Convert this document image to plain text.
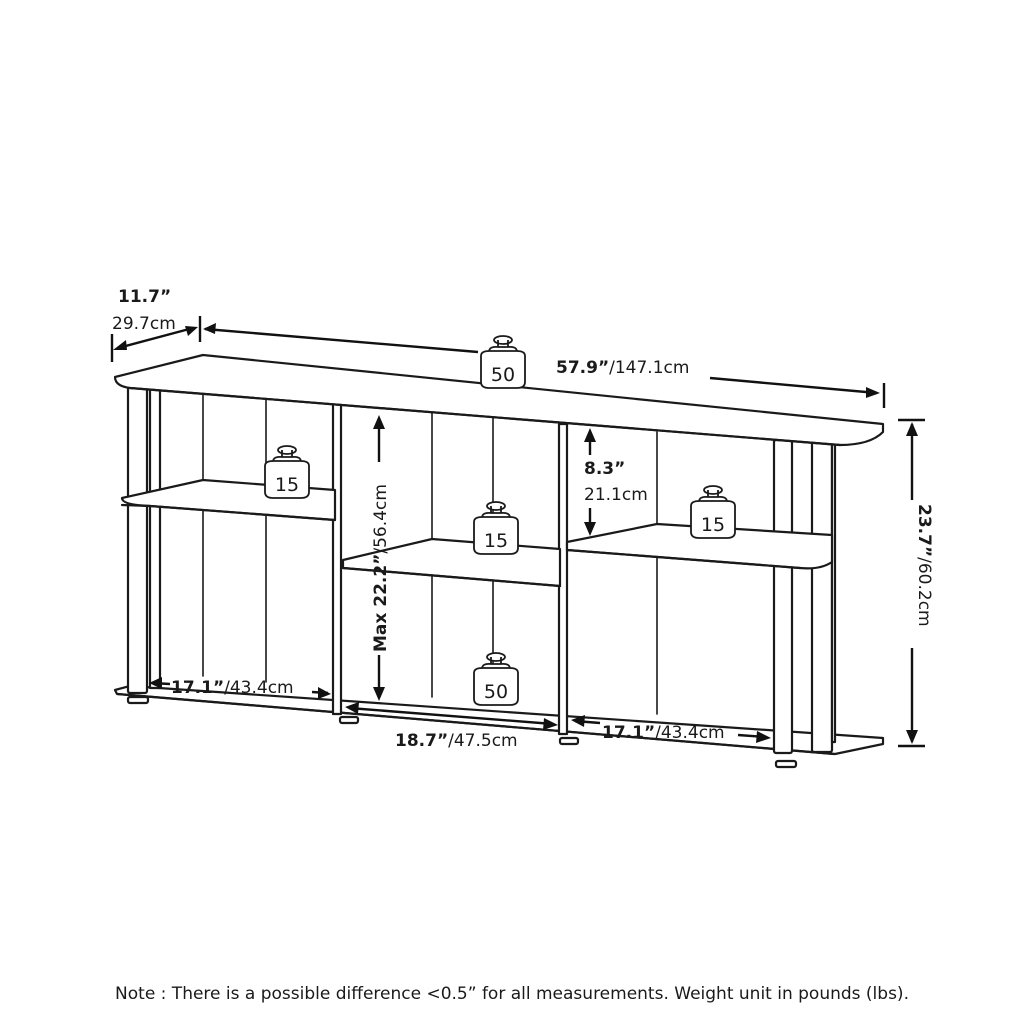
50
15
15
15
50
11.7”
29.7cm
57.9”/147.1cm
23.7”/60.2cm
Max 22.2”/56.4cm
8.3”
21.1cm
17.1”/43.4cm
18.7”/47.5cm	17.1”/43.4cm
Note : There is a possible difference <0.5” for all measurements. Weight unit in pounds (lbs).
